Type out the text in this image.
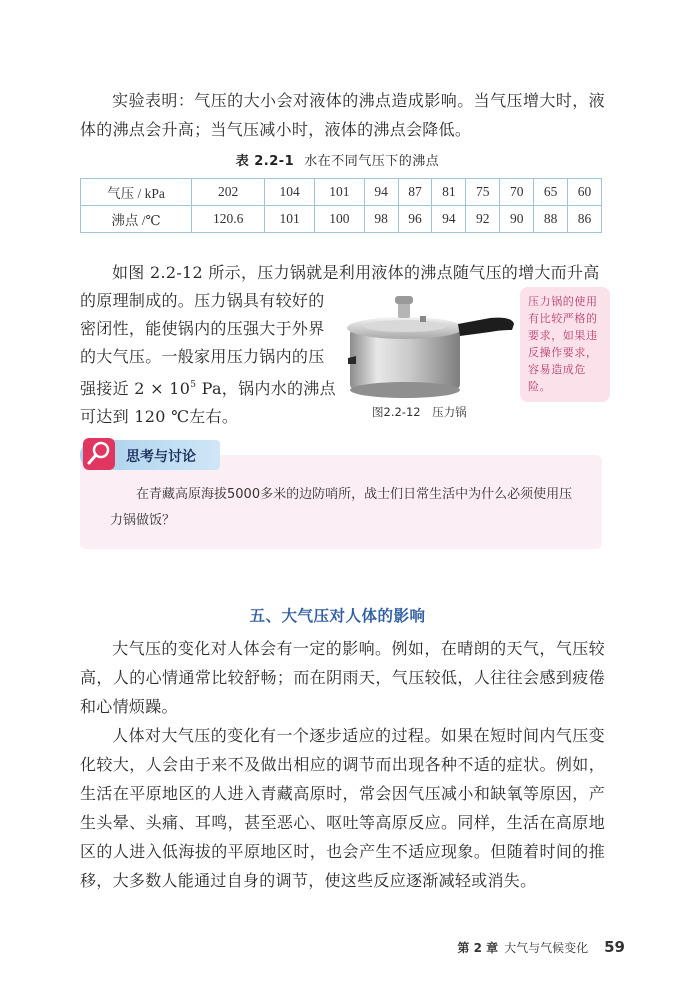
实验表明：气压的大小会对液体的沸点造成影响。当气压增大时，液体的沸点会升高；当气压减小时，液体的沸点会降低。

表 2.2-1 水在不同气压下的沸点
气压 / kPa	202	104	101	94	87	81	75	70	65	60
沸点 /℃	120.6	101	100	98	96	94	92	90	88	86

如图 2.2-12 所示，压力锅就是利用液体的沸点随气压的增大而升高

的原理制成的。压力锅具有较好的密闭性，能使锅内的压强大于外界的大气压。一般家用压力锅内的压强接近 $2 \times 10^5$ Pa，锅内水的沸点可达到 120 ℃左右。	图2.2-12　压力锅
压力锅的使用有比较严格的要求，如果违反操作要求，容易造成危险。
思考与讨论

在青藏高原海拔5000多米的边防哨所，战士们日常生活中为什么必须使用压力锅做饭？

五、大气压对人体的影响

大气压的变化对人体会有一定的影响。例如，在晴朗的天气，气压较高，人的心情通常比较舒畅；而在阴雨天，气压较低，人往往会感到疲倦和心情烦躁。

人体对大气压的变化有一个逐步适应的过程。如果在短时间内气压变化较大，人会由于来不及做出相应的调节而出现各种不适的症状。例如，生活在平原地区的人进入青藏高原时，常会因气压减小和缺氧等原因，产生头晕、头痛、耳鸣，甚至恶心、呕吐等高原反应。同样，生活在高原地区的人进入低海拔的平原地区时，也会产生不适应现象。但随着时间的推移，大多数人能通过自身的调节，使这些反应逐渐减轻或消失。

第 2 章 大气与气候变化 59
